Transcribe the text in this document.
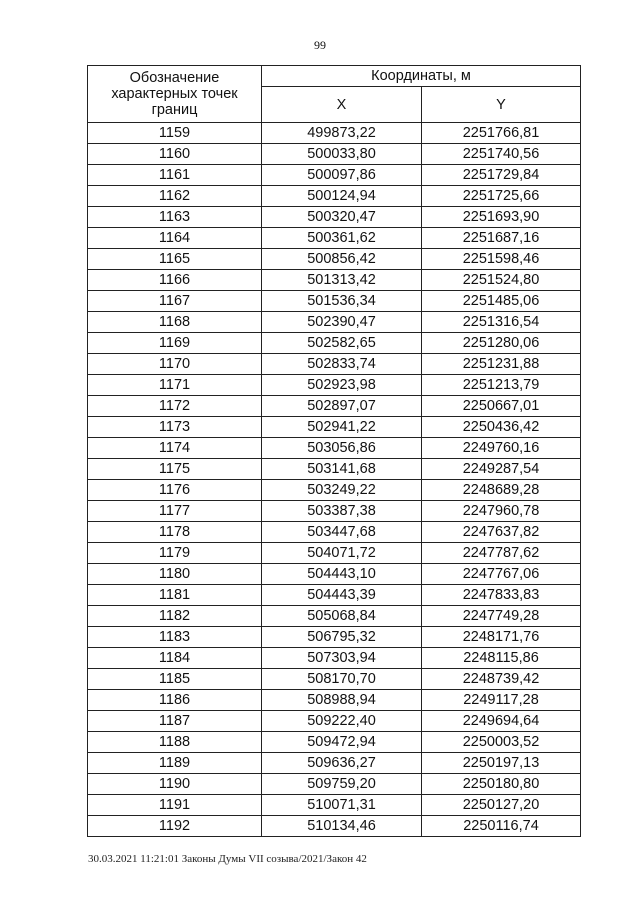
99
Обозначение характерных точек границ	Координаты, м	
	X	Y
1159	499873,22	2251766,81
1160	500033,80	2251740,56
1161	500097,86	2251729,84
1162	500124,94	2251725,66
1163	500320,47	2251693,90
1164	500361,62	2251687,16
1165	500856,42	2251598,46
1166	501313,42	2251524,80
1167	501536,34	2251485,06
1168	502390,47	2251316,54
1169	502582,65	2251280,06
1170	502833,74	2251231,88
1171	502923,98	2251213,79
1172	502897,07	2250667,01
1173	502941,22	2250436,42
1174	503056,86	2249760,16
1175	503141,68	2249287,54
1176	503249,22	2248689,28
1177	503387,38	2247960,78
1178	503447,68	2247637,82
1179	504071,72	2247787,62
1180	504443,10	2247767,06
1181	504443,39	2247833,83
1182	505068,84	2247749,28
1183	506795,32	2248171,76
1184	507303,94	2248115,86
1185	508170,70	2248739,42
1186	508988,94	2249117,28
1187	509222,40	2249694,64
1188	509472,94	2250003,52
1189	509636,27	2250197,13
1190	509759,20	2250180,80
1191	510071,31	2250127,20
1192	510134,46	2250116,74
30.03.2021 11:21:01 Законы Думы VII созыва/2021/Закон 42
